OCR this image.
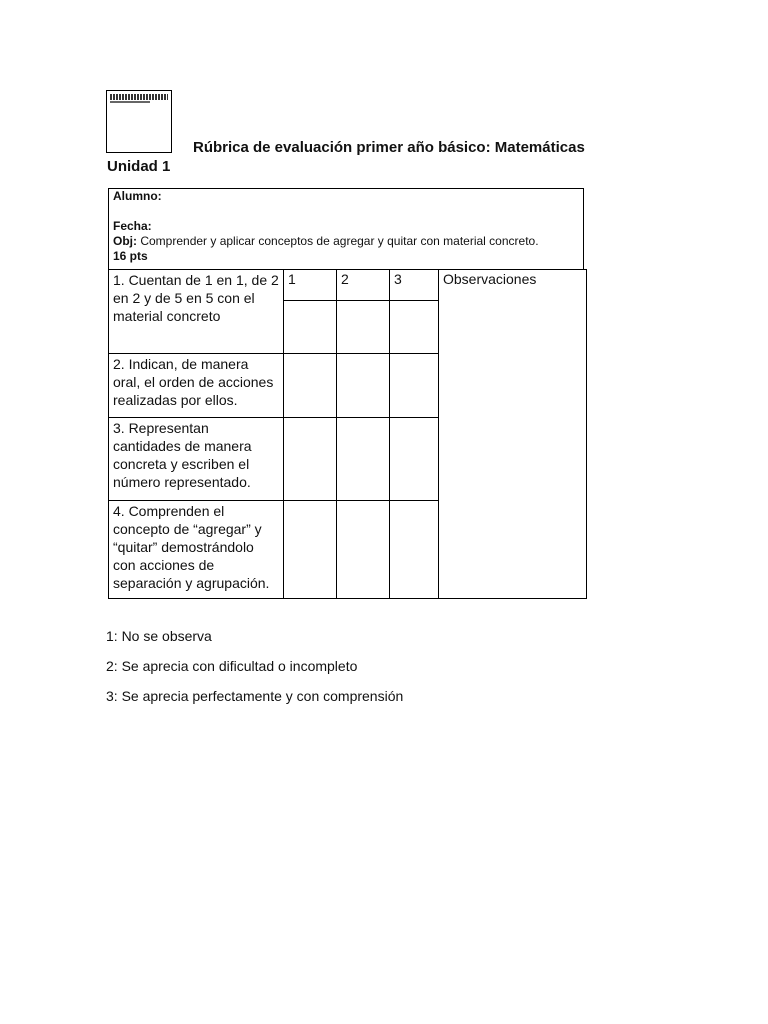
Rúbrica de evaluación primer año básico: Matemáticas
Unidad 1
Alumno:
Fecha:
Obj: Comprender y aplicar conceptos de agregar y quitar con material concreto.
16 pts
1. Cuentan de 1 en 1, de 2 en 2 y de 5 en 5 con el material concreto	1	2	3	Observaciones

2. Indican, de manera oral, el orden de acciones realizadas por ellos.				
3. Representan cantidades de manera concreta y escriben el número representado.				
4. Comprenden el concepto de “agregar” y “quitar” demostrándolo con acciones de separación y agrupación.				

1: No se observa

2: Se aprecia con dificultad o incompleto

3: Se aprecia perfectamente y con comprensión
